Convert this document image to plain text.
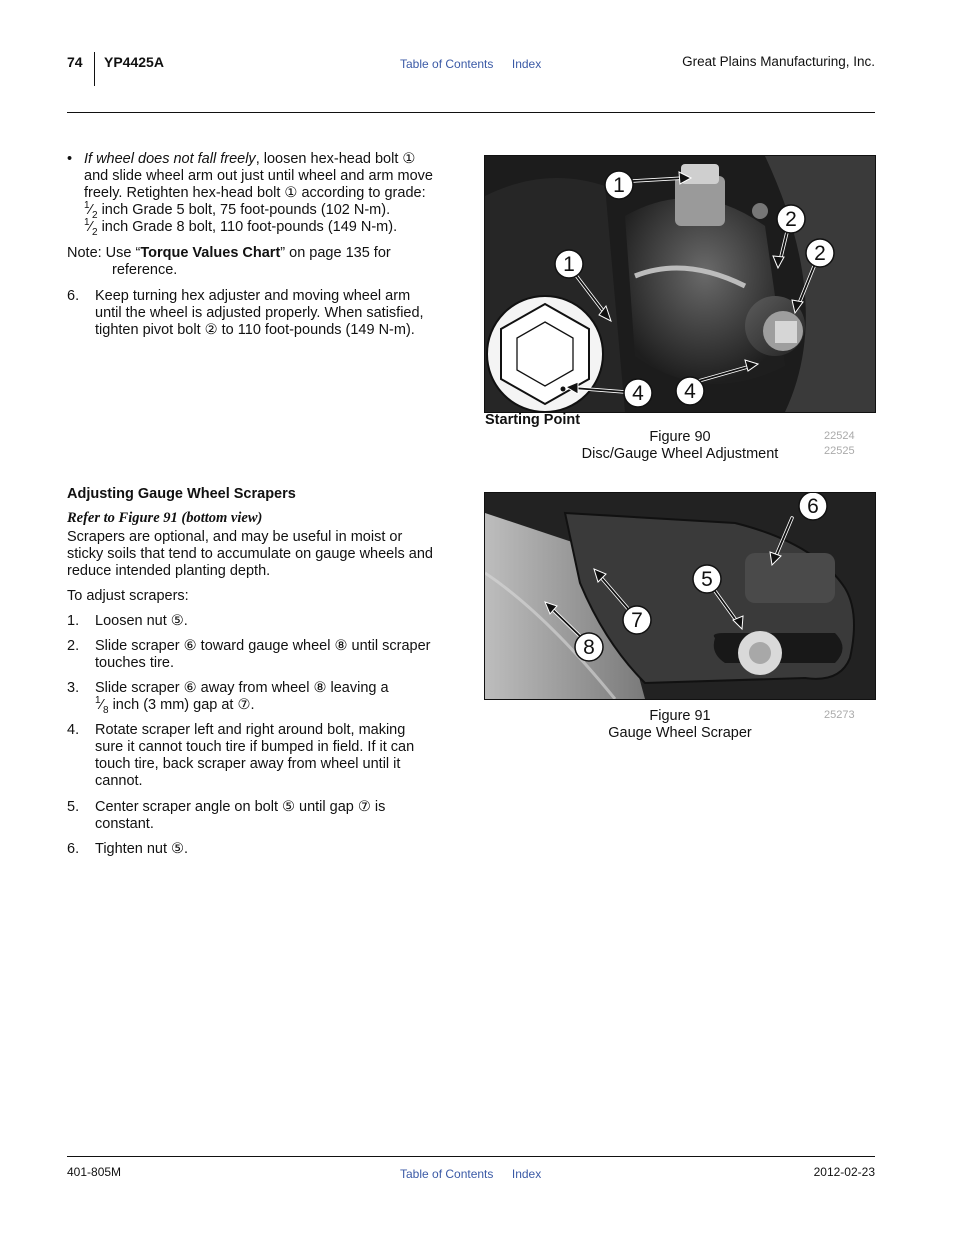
74 YP4425A	Table of Contents Index	Great Plains Manufacturing, Inc.
• If wheel does not fall freely, loosen hex-head bolt ①
and slide wheel arm out just until wheel and arm move
freely. Retighten hex-head bolt ① according to grade:
$^1⁄_2$ inch Grade 5 bolt, 75 foot-pounds (102 N-m).
$^1⁄_2$ inch Grade 8 bolt, 110 foot-pounds (149 N-m).
Note: Use “Torque Values Chart” on page 135 for
reference.
6. Keep turning hex adjuster and moving wheel arm
until the wheel is adjusted properly. When satisfied,
tighten pivot bolt ② to 110 foot-pounds (149 N-m).
1
1
2
2
4 4
Starting Point
Figure 90
Disc/Gauge Wheel Adjustment
22524
22525
Adjusting Gauge Wheel Scrapers
Refer to Figure 91 (bottom view)
Scrapers are optional, and may be useful in moist or
sticky soils that tend to accumulate on gauge wheels and
reduce intended planting depth.
To adjust scrapers:
1. Loosen nut ⑤.
2. Slide scraper ⑥ toward gauge wheel ⑧ until scraper
touches tire.
3. Slide scraper ⑥ away from wheel ⑧ leaving a
$^1⁄_8$ inch (3 mm) gap at ⑦.
4. Rotate scraper left and right around bolt, making
sure it cannot touch tire if bumped in field. If it can
touch tire, back scraper away from wheel until it
cannot.
5. Center scraper angle on bolt ⑤ until gap ⑦ is
constant.
6. Tighten nut ⑤.
6
5
7
8
Figure 91
Gauge Wheel Scraper
25273
401-805M	Table of Contents Index	2012-02-23
